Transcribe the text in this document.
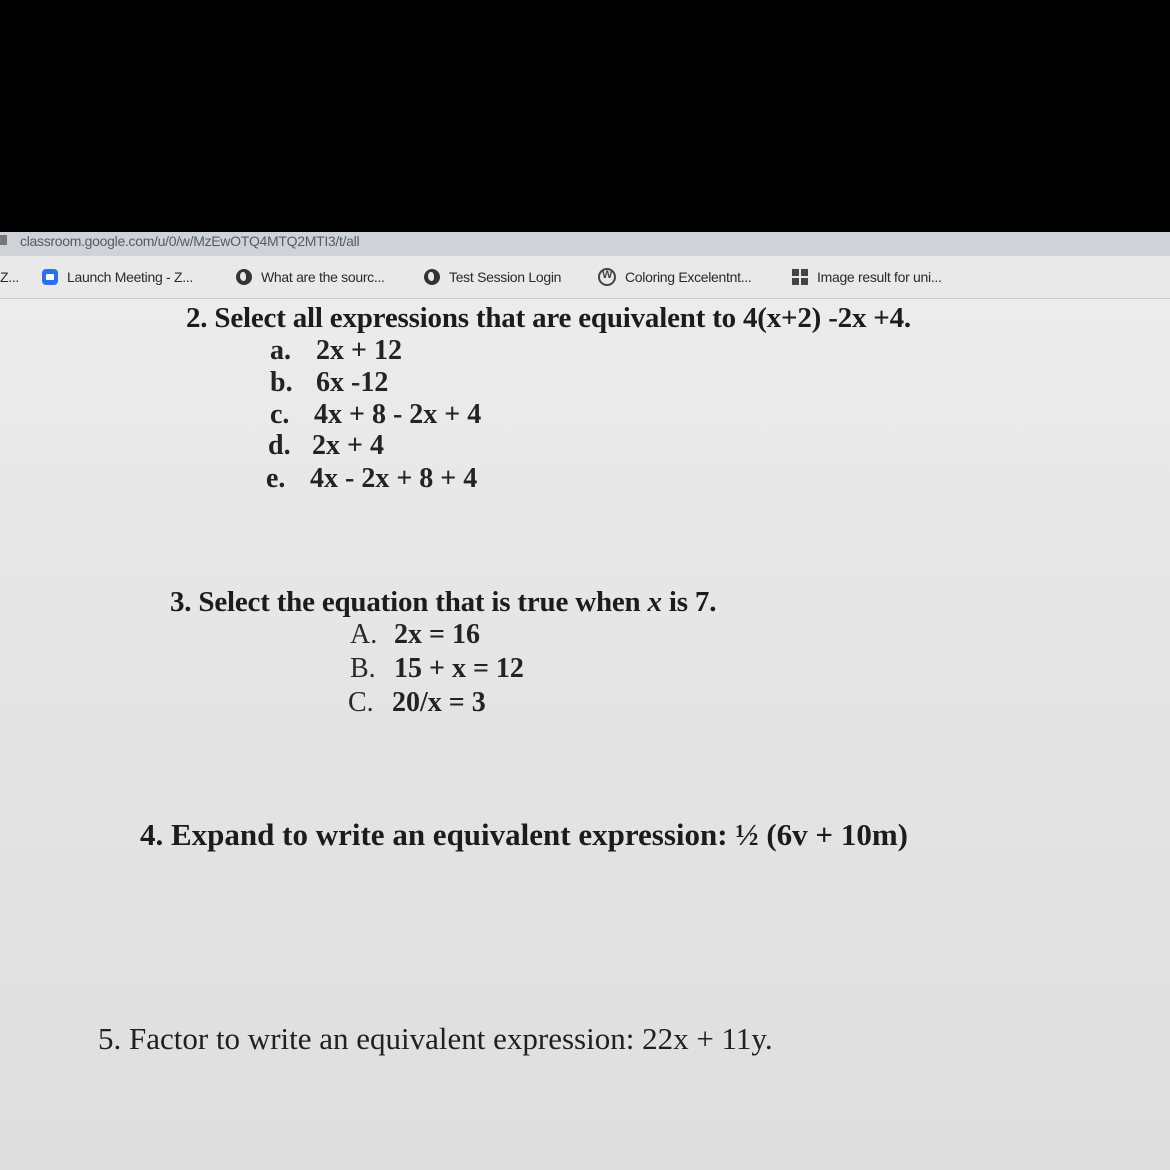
classroom.google.com/u/0/w/MzEwOTQ4MTQ2MTI3/t/all
Z...	Launch Meeting - Z...	What are the sourc...	Test Session Login
W	Coloring Excelentnt...	Image result for uni...
2. Select all expressions that are equivalent to 4(x+2) -2x +4.
a. 2x + 12
b. 6x -12
c. 4x + 8 - 2x + 4
d. 2x + 4
e. 4x - 2x + 8 + 4
3. Select the equation that is true when x is 7.
A. 2x = 16
B. 15 + x = 12
C. 20/x = 3
4. Expand to write an equivalent expression: ½ (6v + 10m)
5. Factor to write an equivalent expression: 22x + 11y.
